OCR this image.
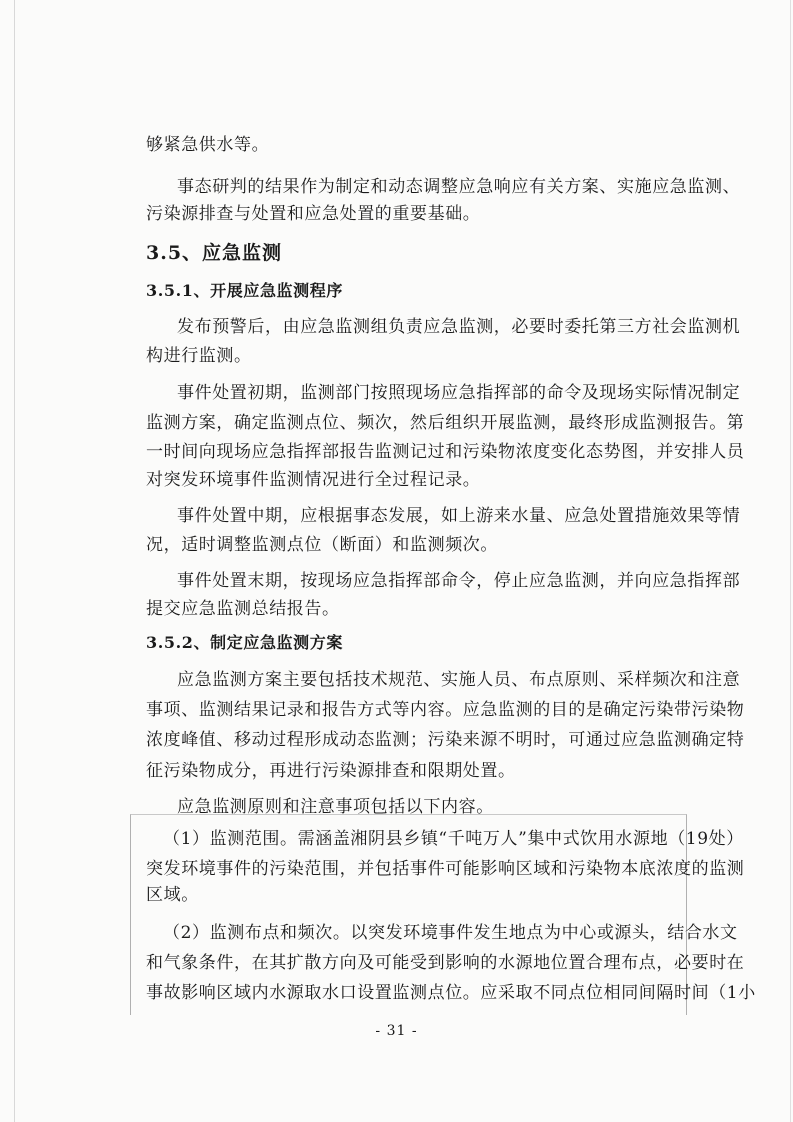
够紧急供水等。
事态研判的结果作为制定和动态调整应急响应有关方案、实施应急监测、
污染源排查与处置和应急处置的重要基础。
3.5、应急监测
3.5.1、开展应急监测程序
发布预警后，由应急监测组负责应急监测，必要时委托第三方社会监测机
构进行监测。
事件处置初期，监测部门按照现场应急指挥部的命令及现场实际情况制定
监测方案，确定监测点位、频次，然后组织开展监测，最终形成监测报告。第
一时间向现场应急指挥部报告监测记过和污染物浓度变化态势图，并安排人员
对突发环境事件监测情况进行全过程记录。
事件处置中期，应根据事态发展，如上游来水量、应急处置措施效果等情
况，适时调整监测点位（断面）和监测频次。
事件处置末期，按现场应急指挥部命令，停止应急监测，并向应急指挥部
提交应急监测总结报告。
3.5.2、制定应急监测方案
应急监测方案主要包括技术规范、实施人员、布点原则、采样频次和注意
事项、监测结果记录和报告方式等内容。应急监测的目的是确定污染带污染物
浓度峰值、移动过程形成动态监测；污染来源不明时，可通过应急监测确定特
征污染物成分，再进行污染源排查和限期处置。
应急监测原则和注意事项包括以下内容。
（1）监测范围。需涵盖湘阴县乡镇“千吨万人”集中式饮用水源地（19处）
突发环境事件的污染范围，并包括事件可能影响区域和污染物本底浓度的监测
区域。
（2）监测布点和频次。以突发环境事件发生地点为中心或源头，结合水文
和气象条件，在其扩散方向及可能受到影响的水源地位置合理布点，必要时在
事故影响区域内水源取水口设置监测点位。应采取不同点位相同间隔时间（1小
- 31 -
